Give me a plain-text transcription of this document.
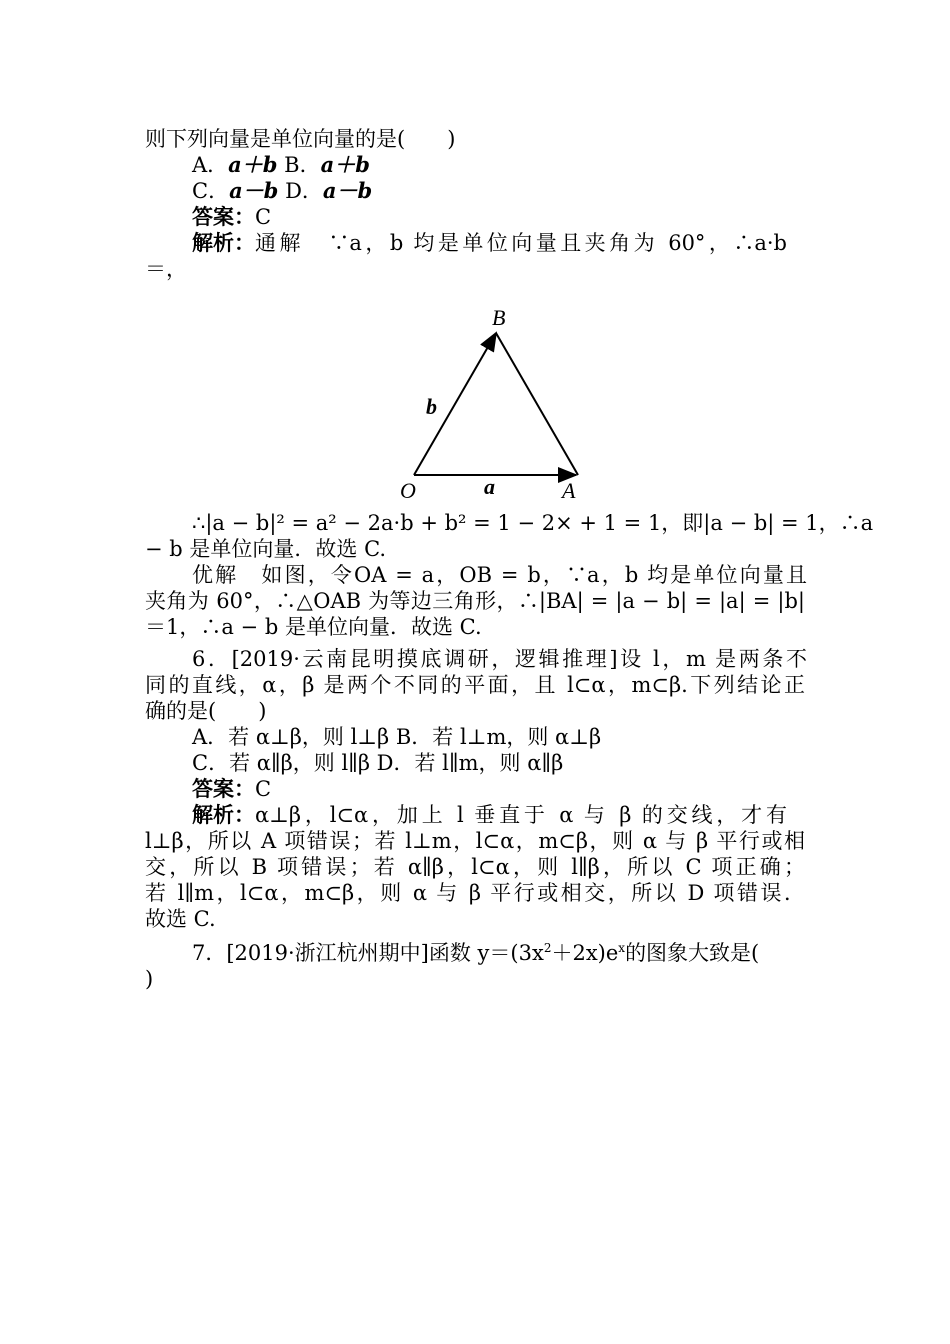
则下列向量是单位向量的是(　　)
A．a＋b B．a＋b
C．a－b D．a－b
答案：C
解析：通解　∵a，b 均是单位向量且夹角为 60°，∴a·b
＝，
B
O	A
a
b
∴|a − b|² = a² − 2a·b + b² = 1 − 2× + 1 = 1，即|a − b| = 1，∴a
− b 是单位向量．故选 C.
优解　如图，令OA = a，OB = b，∵a，b 均是单位向量且
夹角为 60°，∴△OAB 为等边三角形，∴|BA| = |a − b| = |a| = |b|
＝1，∴a − b 是单位向量．故选 C.
6．[2019·云南昆明摸底调研，逻辑推理]设 l，m 是两条不
同的直线，α，β 是两个不同的平面，且 l⊂α，m⊂β.下列结论正
确的是(　　)
A．若 α⊥β，则 l⊥β B．若 l⊥m，则 α⊥β
C．若 α∥β，则 l∥β D．若 l∥m，则 α∥β
答案：C
解析：α⊥β，l⊂α，加上 l 垂直于 α 与 β 的交线，才有
l⊥β，所以 A 项错误；若 l⊥m，l⊂α，m⊂β，则 α 与 β 平行或相
交，所以 B 项错误；若 α∥β，l⊂α，则 l∥β，所以 C 项正确；
若 l∥m，l⊂α，m⊂β，则 α 与 β 平行或相交，所以 D 项错误．
故选 C.
7．[2019·浙江杭州期中]函数 $y=(3x^2+2x)e^x$的图象大致是(
)
